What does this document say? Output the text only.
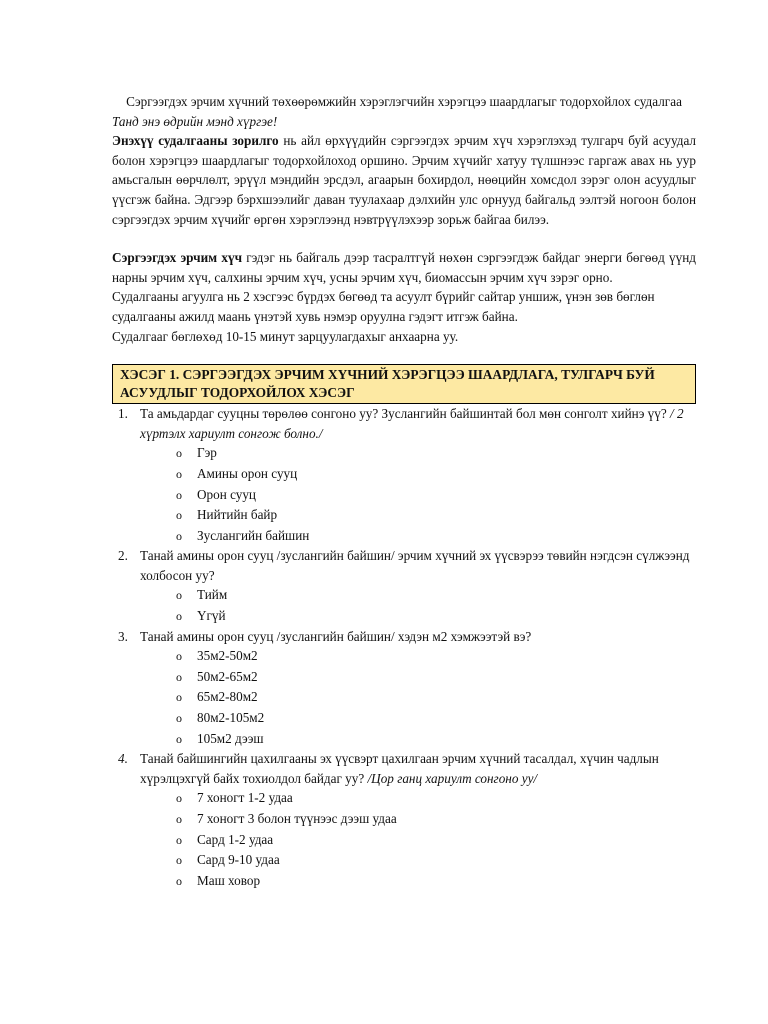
Сэргээгдэх эрчим хүчний төхөөрөмжийн хэрэглэгчийн хэрэгцээ шаардлагыг тодорхойлох судалгаа

Танд энэ өдрийн мэнд хүргэе!

Энэхүү судалгааны зорилго нь айл өрхүүдийн сэргээгдэх эрчим хүч хэрэглэхэд тулгарч буй асуудал болон хэрэгцээ шаардлагыг тодорхойлоход оршино. Эрчим хүчийг хатуу түлшнээс гаргаж авах нь уур амьсгалын өөрчлөлт, эрүүл мэндийн эрсдэл, агаарын бохирдол, нөөцийн хомсдол зэрэг олон асуудлыг үүсгэж байна. Эдгээр бэрхшээлийг даван туулахаар дэлхийн улс орнууд байгальд ээлтэй ногоон болон сэргээгдэх эрчим хүчийг өргөн хэрэглээнд нэвтрүүлэхээр зорьж байгаа билээ.

Сэргээгдэх эрчим хүч гэдэг нь байгаль дээр тасралтгүй нөхөн сэргээгдэж байдаг энерги бөгөөд үүнд нарны эрчим хүч, салхины эрчим хүч, усны эрчим хүч, биомассын эрчим хүч зэрэг орно.

Судалгааны агуулга нь 2 хэсгээс бүрдэх бөгөөд та асуулт бүрийг сайтар уншиж, үнэн зөв бөглөн судалгааны ажилд маань үнэтэй хувь нэмэр оруулна гэдэгт итгэж байна.

Судалгааг бөглөхөд 10-15 минут зарцуулагдахыг анхаарна уу.

ХЭСЭГ 1. СЭРГЭЭГДЭХ ЭРЧИМ ХҮЧНИЙ ХЭРЭГЦЭЭ ШААРДЛАГА, ТУЛГАРЧ БУЙ АСУУДЛЫГ ТОДОРХОЙЛОХ ХЭСЭГ

1. Та амьдардаг сууцны төрөлөө сонгоно уу? Зуслангийн байшинтай бол мөн сонголт хийнэ үү? / 2 хүртэлх хариулт сонгож болно./

o Гэр
o Амины орон сууц
o Орон сууц
o Нийтийн байр
o Зуслангийн байшин

2. Танай амины орон сууц /зуслангийн байшин/ эрчим хүчний эх үүсвэрээ төвийн нэгдсэн сүлжээнд холбосон уу?

o Тийм
o Үгүй

3. Танай амины орон сууц /зуслангийн байшин/ хэдэн м2 хэмжээтэй вэ?

o 35м2-50м2
o 50м2-65м2
o 65м2-80м2
o 80м2-105м2
o 105м2 дээш

4. Танай байшингийн цахилгааны эх үүсвэрт цахилгаан эрчим хүчний тасалдал, хүчин чадлын хүрэлцэхгүй байх тохиолдол байдаг уу? /Цор ганц хариулт сонгоно уу/

o 7 хоногт 1-2 удаа
o 7 хоногт 3 болон түүнээс дээш удаа
o Сард 1-2 удаа
o Сард 9-10 удаа
o Маш ховор
